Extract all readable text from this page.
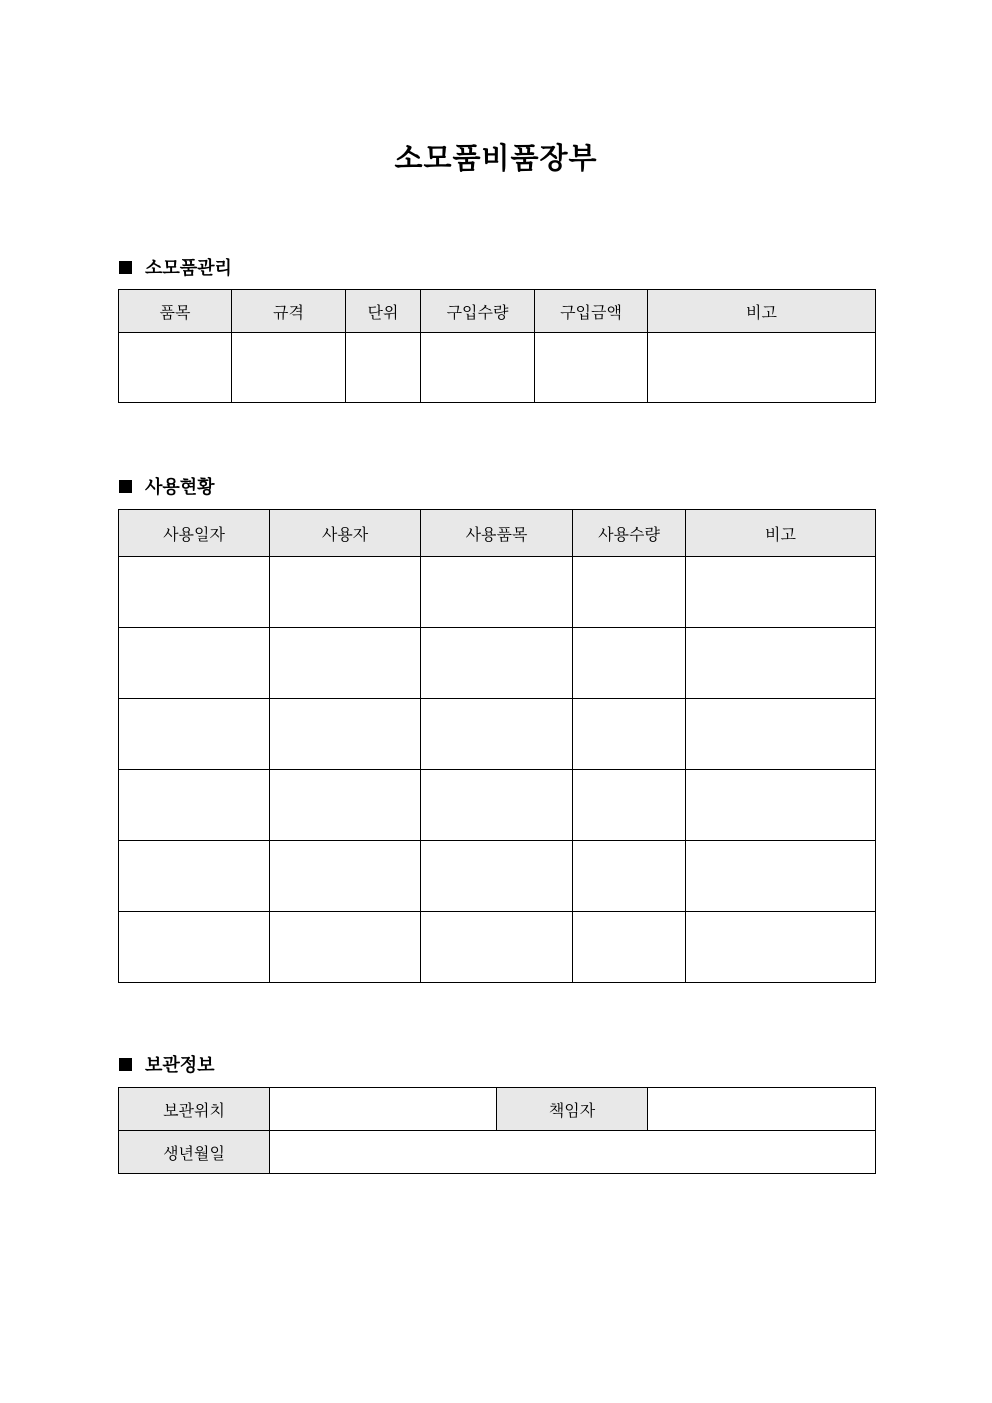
소모품비품장부
소모품관리
품목	규격	단위	구입수량	구입금액	비고

사용현황
사용일자	사용자	사용품목	사용수량	비고

보관정보
보관위치		책임자	
생년월일			
